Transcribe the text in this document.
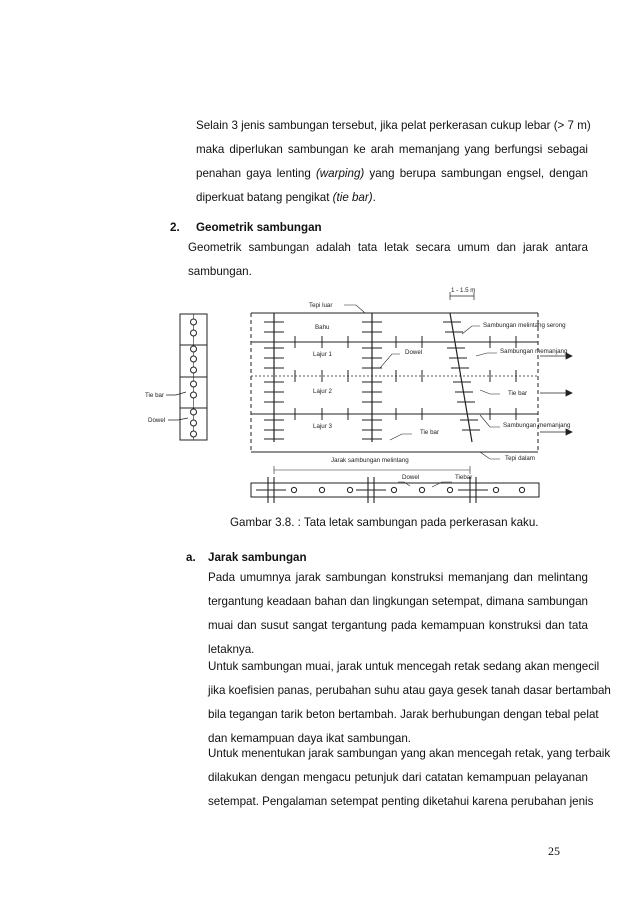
Selain 3 jenis sambungan tersebut, jika pelat perkerasan cukup lebar (> 7 m)
maka diperlukan sambungan ke arah memanjang yang berfungsi sebagai
penahan gaya lenting (warping) yang berupa sambungan engsel, dengan
diperkuat batang pengikat (tie bar).
2. Geometrik sambungan
Geometrik sambungan adalah tata letak secara umum dan jarak antara
sambungan.
1 - 1.5 m
Tepi luar
Bahu
Lajur 1
Lajur 2
Lajur 3
Dowel
Tie bar
Sambungan melintang serong
Sambungan memanjang
Tie bar
Sambungan memanjang
Tepi dalam
Jarak sambungan melintang
Tie bar
Dowel
Dowel	Tiebar
Gambar 3.8. : Tata letak sambungan pada perkerasan kaku.
a. Jarak sambungan
Pada umumnya jarak sambungan konstruksi memanjang dan melintang
tergantung keadaan bahan dan lingkungan setempat, dimana sambungan
muai dan susut sangat tergantung pada kemampuan konstruksi dan tata
letaknya.
Untuk sambungan muai, jarak untuk mencegah retak sedang akan mengecil
jika koefisien panas, perubahan suhu atau gaya gesek tanah dasar bertambah
bila tegangan tarik beton bertambah. Jarak berhubungan dengan tebal pelat
dan kemampuan daya ikat sambungan.
Untuk menentukan jarak sambungan yang akan mencegah retak, yang terbaik
dilakukan dengan mengacu petunjuk dari catatan kemampuan pelayanan
setempat. Pengalaman setempat penting diketahui karena perubahan jenis
25
